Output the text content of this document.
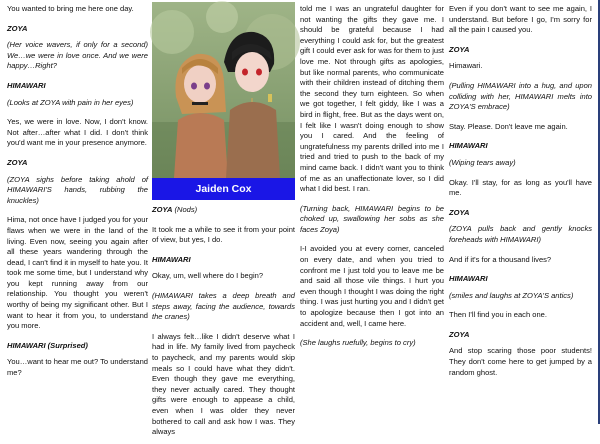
You wanted to bring me here one day.

ZOYA

(Her voice wavers, if only for a second) We…we were in love once. And we were happy…Right?

HIMAWARI

(Looks at ZOYA with pain in her eyes)

Yes, we were in love. Now, I don't know. Not after…after what I did. I don't think you'd want me in your presence anymore.

ZOYA

(ZOYA sighs before taking ahold of HIMAWARI'S hands, rubbing the knuckles)

Hima, not once have I judged you for your flaws when we were in the land of the living. Even now, seeing you again after all these years wandering through the dead, I can't find it in myself to hate you. It took me some time, but I understand why you kept running away from our relationship. You thought you weren't worthy of being my significant other. But I want to hear it from you, to understand you more.

HIMAWARI (Surprised)

You…want to hear me out? To understand me?

Jaiden Cox

ZOYA (Nods)

It took me a while to see it from your point of view, but yes, I do.

HIMAWARI

Okay, um, well where do I begin?

(HIMAWARI takes a deep breath and steps away, facing the audience, towards the cranes)

I always felt…like I didn't deserve what I had in life. My family lived from paycheck to paycheck, and my parents would skip meals so I could have what they didn't. Even though they gave me everything, they never actually cared. They thought gifts were enough to appease a child, even when I was older they never bothered to call and ask how I was. They always

told me I was an ungrateful daughter for not wanting the gifts they gave me. I should be grateful because I had everything I could ask for, but the greatest gift I could ever ask for was for them to just love me. Not through gifts as apologies, but like normal parents, who communicate with their children instead of ditching them the second they turn eighteen. So when we got together, I felt giddy, like I was a bird in flight, free. But as the days went on, I felt like I wasn't doing enough to show you I cared. And the feeling of ungratefulness my parents drilled into me I tried and tried to push to the back of my mind came back. I didn't want you to think of me as an unaffectionate lover, so I did what I did best. I ran.

(Turning back, HIMAWARI begins to be choked up, swallowing her sobs as she faces Zoya)

I-I avoided you at every corner, canceled on every date, and when you tried to confront me I just told you to leave me be and said all those vile things. I hurt you even though I thought I was doing the right thing. I was just hurting you and I didn't get to apologize because then I got into an accident and, well, I came here.

(She laughs ruefully, begins to cry)

Even if you don't want to see me again, I understand. But before I go, I'm sorry for all the pain I caused you.

ZOYA

Himawari.

(Pulling HIMAWARI into a hug, and upon colliding with her, HIMAWARI melts into ZOYA'S embrace)

Stay. Please. Don't leave me again.

HIMAWARI

(Wiping tears away)

Okay. I'll stay, for as long as you'll have me.

ZOYA

(ZOYA pulls back and gently knocks foreheads with HIMAWARI)

And if it's for a thousand lives?

HIMAWARI

(smiles and laughs at ZOYA'S antics)

Then I'll find you in each one.

ZOYA

And stop scaring those poor students! They don't come here to get jumped by a random ghost.
